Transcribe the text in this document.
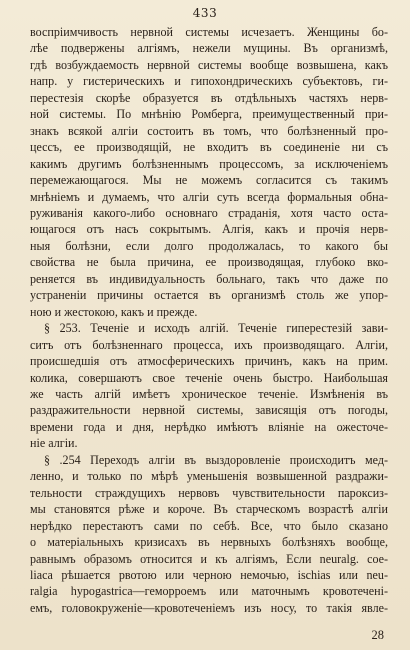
433
воспріимчивость нервной системы исчезаетъ. Женщины бо-
лѣе подвержены алгіямъ, нежели мущины. Въ организмѣ,
гдѣ возбуждаемость нервной системы вообще возвышена, какъ
напр. у гистерическихъ и гипохондрическихъ субъектовъ, ги-
перестезія скорѣе образуется въ отдѣльныхъ частяхъ нерв-
ной системы. По мнѣнію Ромберга, преимущественный при-
знакъ всякой алгіи состоитъ въ томъ, что болѣзненный про-
цессъ, ее производящій, не входитъ въ соединеніе ни съ
какимъ другимъ болѣзненнымъ процессомъ, за исключеніемъ
перемежающагося. Мы не можемъ согласится съ такимъ
мнѣніемъ и думаемъ, что алгіи суть всегда формальныя обна-
руживанія какого-либо основнаго страданія, хотя часто оста-
ющагося отъ насъ сокрытымъ. Алгія, какъ и прочія нерв-
ныя болѣзни, если долго продолжалась, то какого бы
свойства не была причина, ее производящая, глубоко вко-
реняется въ индивидуальность больнаго, такъ что даже по
устраненіи причины остается въ организмѣ столь же упор-
ною и жестокою, какъ и прежде.
§ 253. Теченіе и исходъ алгій. Теченіе гиперестезій зави-
ситъ отъ болѣзненнаго процесса, ихъ производящаго. Алгіи,
происшедшія отъ атмосферическихъ причинъ, какъ на прим.
колика, совершаютъ свое теченіе очень быстро. Наибольшая
же часть алгій имѣетъ хроническое теченіе. Измѣненія въ
раздражительности нервной системы, зависящія отъ погоды,
времени года и дня, нерѣдко имѣютъ вліяніе на ожесточе-
ніе алгіи.
§ .254 Переходъ алгіи въ выздоровленіе происходитъ мед-
ленно, и только по мѣрѣ уменьшенія возвышенной раздражи-
тельности страждущихъ нервовъ чувствительности пароксиз-
мы становятся рѣже и короче. Въ старческомъ возрастѣ алгіи
нерѣдко перестаютъ сами по себѣ. Все, что было сказано
о матеріальныхъ кризисахъ въ нервныхъ болѣзняхъ вообще,
равнымъ образомъ относится и къ алгіямъ, Если neuralg. coe-
liaca рѣшается рвотою или черною немочью, ischias или neu-
ralgia hypogastrica—геморроемъ или маточнымъ кровотеченi-
емъ, головокруженіе—кровотеченіемъ изъ носу, то такія явле-
28
